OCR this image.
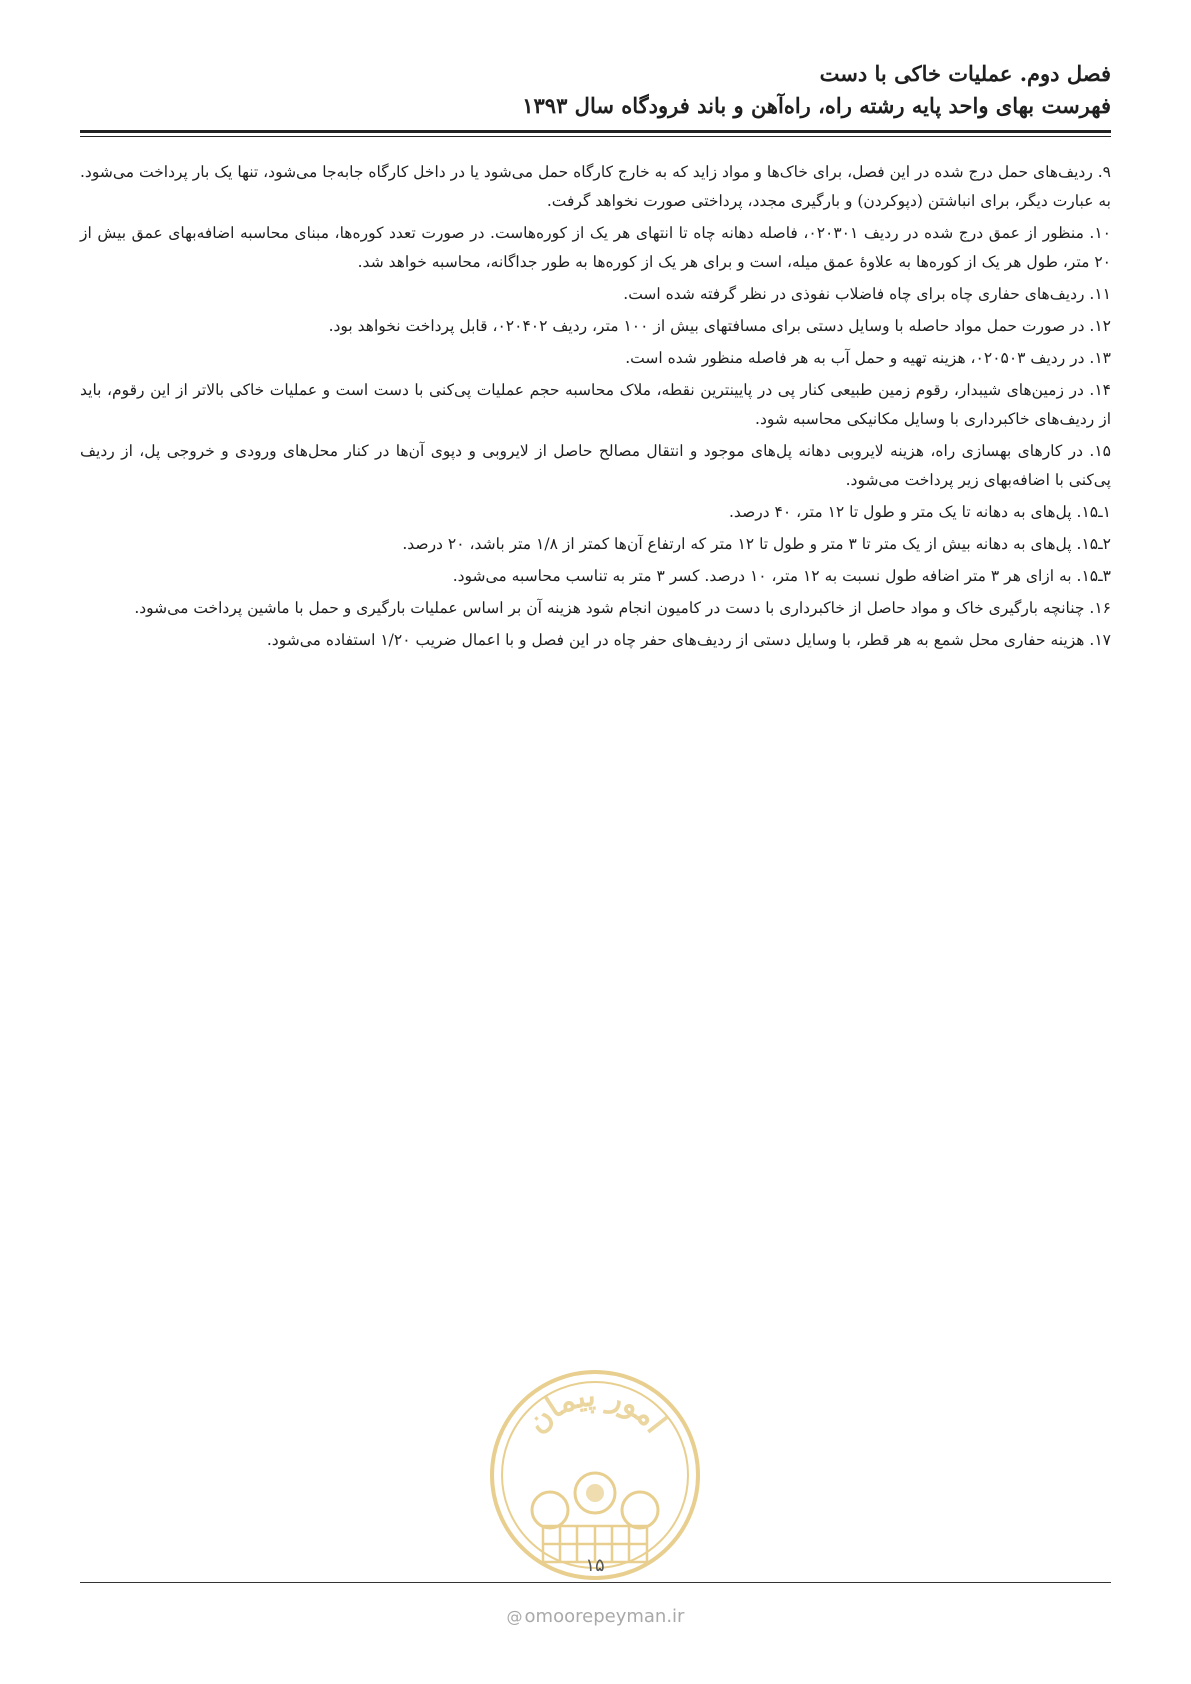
فصل دوم. عملیات خاکی با دست
فهرست بهای واحد پایه رشته راه، راه‌آهن و باند فرودگاه سال ۱۳۹۳

۹. ردیف‌های حمل درج شده در این فصل، برای خاک‌ها و مواد زاید که به خارج کارگاه حمل می‌شود یا در داخل کارگاه جابه‌جا می‌شود، تنها یک بار پرداخت می‌شود. به عبارت دیگر، برای انباشتن (دپوکردن) و بارگیری مجدد، پرداختی صورت نخواهد گرفت.

۱۰. منظور از عمق درج شده در ردیف ۰۲۰۳۰۱، فاصله دهانه چاه تا انتهای هر یک از کوره‌هاست. در صورت تعدد کوره‌ها، مبنای محاسبه اضافه‌بهای عمق بیش از ۲۰ متر، طول هر یک از کوره‌ها به علاوهٔ عمق میله، است و برای هر یک از کوره‌ها به طور جداگانه، محاسبه خواهد شد.

۱۱. ردیف‌های حفاری چاه برای چاه فاضلاب نفوذی در نظر گرفته شده است.

۱۲. در صورت حمل مواد حاصله با وسایل دستی برای مسافتهای بیش از ۱۰۰ متر، ردیف ۰۲۰۴۰۲، قابل پرداخت نخواهد بود.

۱۳. در ردیف ۰۲۰۵۰۳، هزینه تهیه و حمل آب به هر فاصله منظور شده است.

۱۴. در زمین‌های شیبدار، رقوم زمین طبیعی کنار پی در پایینترین نقطه، ملاک محاسبه حجم عملیات پی‌کنی با دست است و عملیات خاکی بالاتر از این رقوم، باید از ردیف‌های خاکبرداری با وسایل مکانیکی محاسبه شود.

۱۵. در کارهای بهسازی راه، هزینه لایروبی دهانه پل‌های موجود و انتقال مصالح حاصل از لایروبی و دپوی آن‌ها در کنار محل‌های ورودی و خروجی پل، از ردیف پی‌کنی با اضافه‌بهای زیر پرداخت می‌شود.

۱ـ۱۵. پل‌های به دهانه تا یک متر و طول تا ۱۲ متر، ۴۰ درصد.

۲ـ۱۵. پل‌های به دهانه بیش از یک متر تا ۳ متر و طول تا ۱۲ متر که ارتفاع آن‌ها کمتر از ۱/۸ متر باشد، ۲۰ درصد.

۳ـ۱۵. به ازای هر ۳ متر اضافه طول نسبت به ۱۲ متر، ۱۰ درصد. کسر ۳ متر به تناسب محاسبه می‌شود.

۱۶. چنانچه بارگیری خاک و مواد حاصل از خاکبرداری با دست در کامیون انجام شود هزینه آن بر اساس عملیات بارگیری و حمل با ماشین پرداخت می‌شود.

۱۷. هزینه حفاری محل شمع به هر قطر، با وسایل دستی از ردیف‌های حفر چاه در این فصل و با اعمال ضریب ۱/۲۰ استفاده می‌شود.

امور پیمان
۱۵
@ omoorepeyman.ir
